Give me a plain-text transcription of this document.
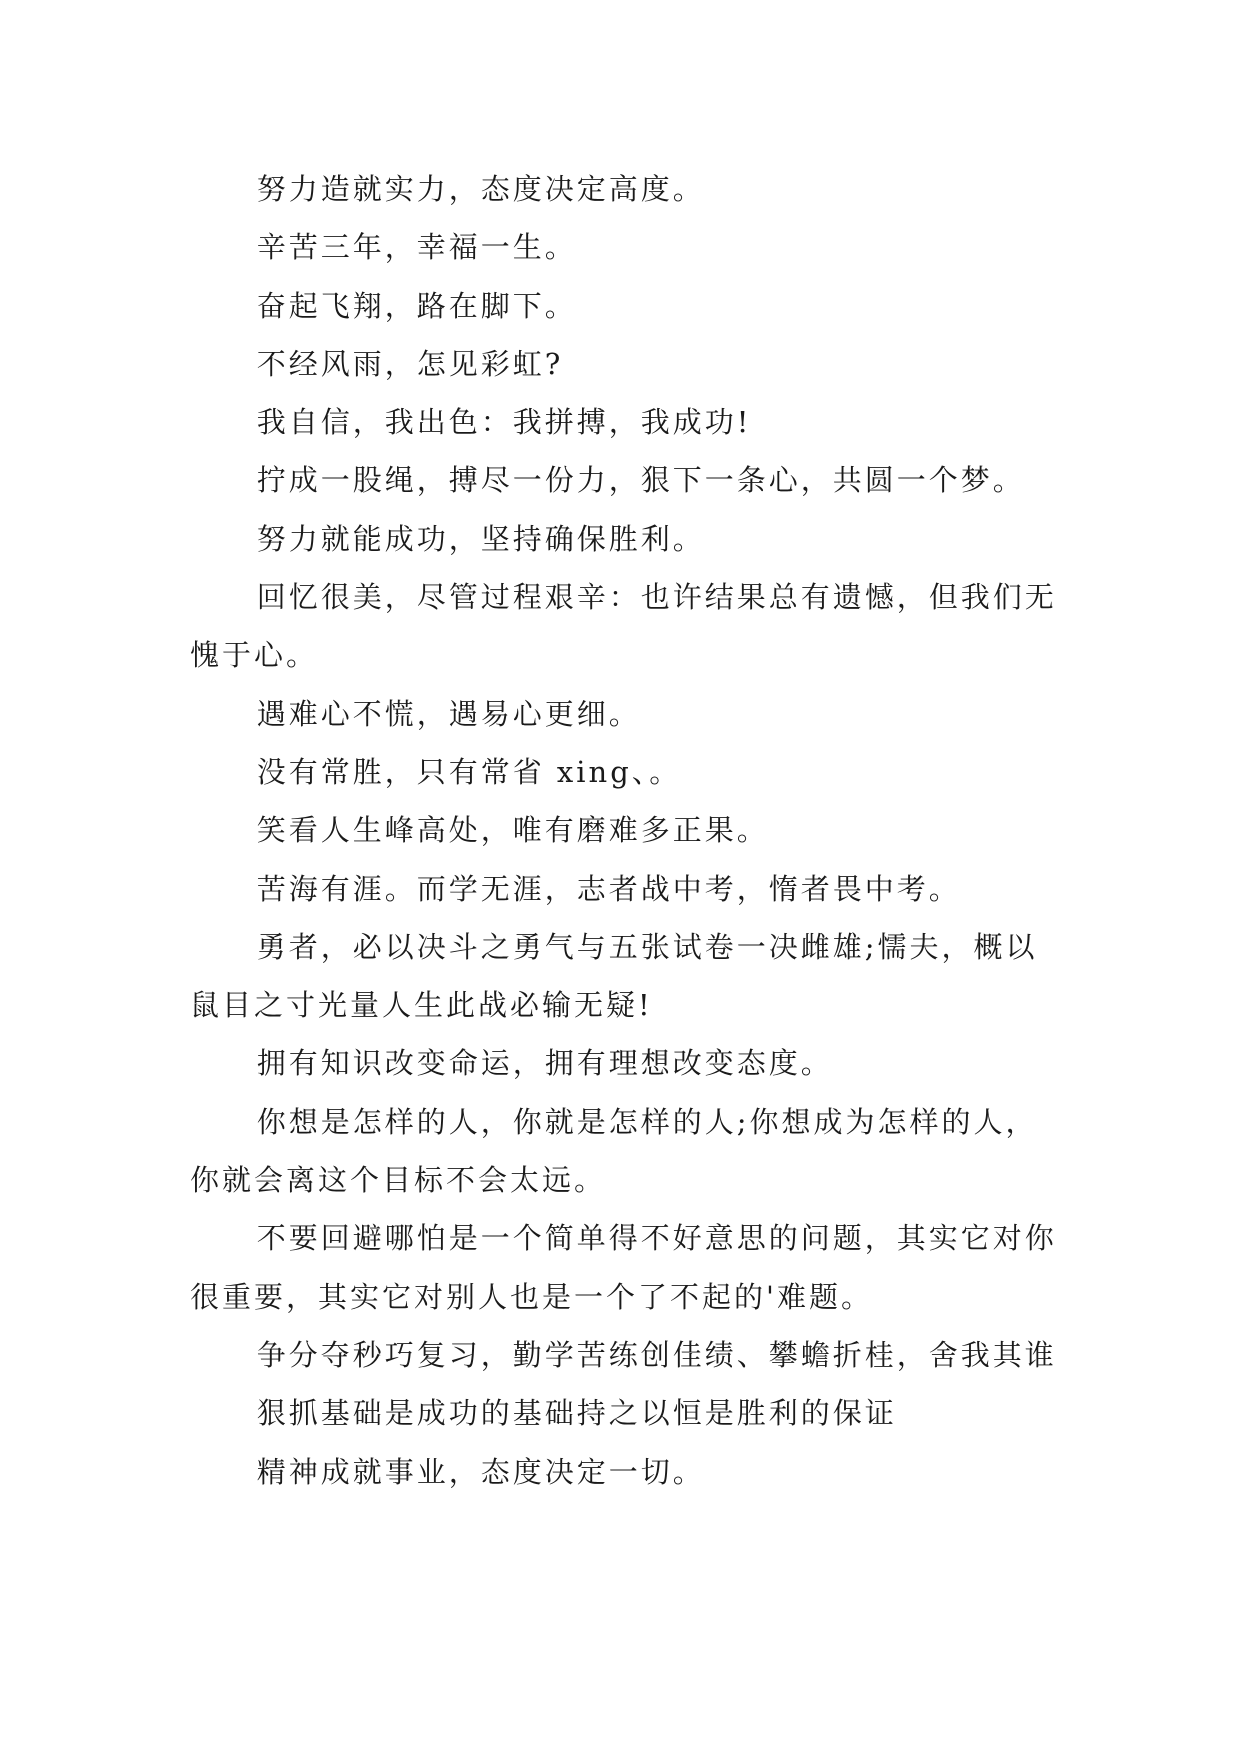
努力造就实力，态度决定高度。

辛苦三年，幸福一生。

奋起飞翔，路在脚下。

不经风雨，怎见彩虹?

我自信，我出色：我拼搏，我成功!

拧成一股绳，搏尽一份力，狠下一条心，共圆一个梦。

努力就能成功，坚持确保胜利。

回忆很美，尽管过程艰辛：也许结果总有遗憾，但我们无愧于心。

遇难心不慌，遇易心更细。

没有常胜，只有常省 xing、。

笑看人生峰高处，唯有磨难多正果。

苦海有涯。而学无涯，志者战中考，惰者畏中考。

勇者，必以决斗之勇气与五张试卷一决雌雄;懦夫，概以鼠目之寸光量人生此战必输无疑!

拥有知识改变命运，拥有理想改变态度。

你想是怎样的人，你就是怎样的人;你想成为怎样的人，你就会离这个目标不会太远。

不要回避哪怕是一个简单得不好意思的问题，其实它对你很重要，其实它对别人也是一个了不起的'难题。

争分夺秒巧复习，勤学苦练创佳绩、攀蟾折桂，舍我其谁

狠抓基础是成功的基础持之以恒是胜利的保证

精神成就事业，态度决定一切。
